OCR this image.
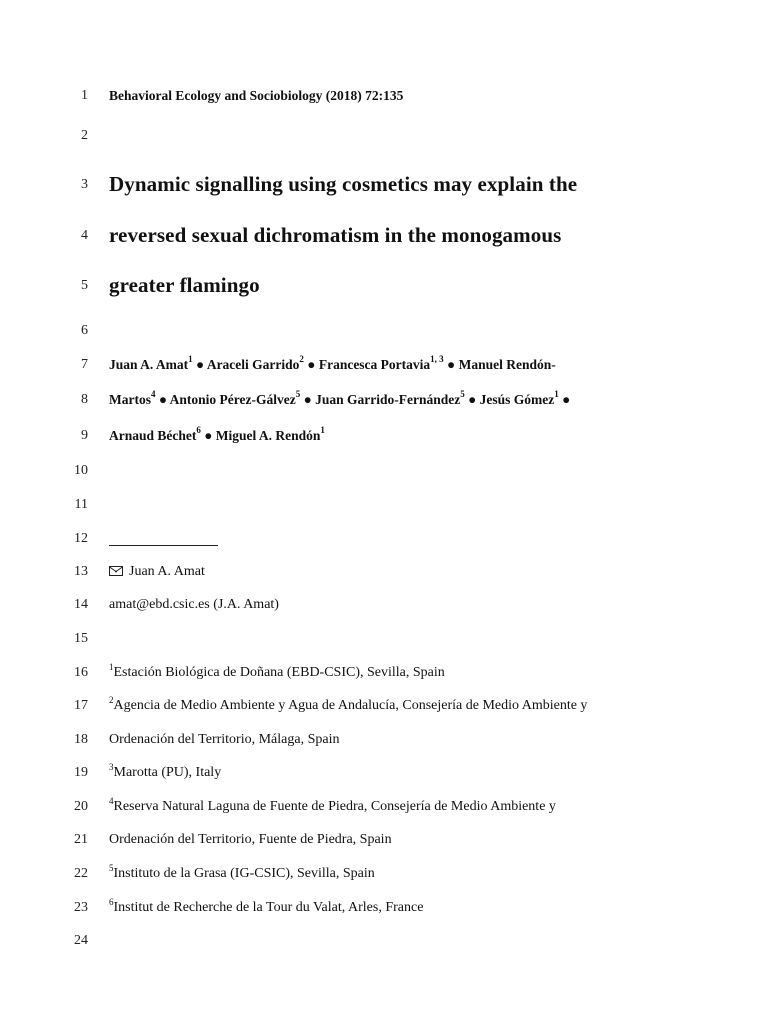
1
2
3
4
5
6
7
8
9
10
11
12
13
14
15
16
17
18
19
20
21
22
23
24
Behavioral Ecology and Sociobiology (2018) 72:135
Dynamic signalling using cosmetics may explain the
reversed sexual dichromatism in the monogamous
greater flamingo
Juan A. Amat$^1$ ● Araceli Garrido$^2$ ● Francesca Portavia$^{1, 3}$ ● Manuel Rendón-
Martos$^4$ ● Antonio Pérez-Gálvez$^5$ ● Juan Garrido-Fernández$^5$ ● Jesús Gómez$^1$ ●
Arnaud Béchet$^6$ ● Miguel A. Rendón$^1$
Juan A. Amat
amat@ebd.csic.es (J.A. Amat)
$^1$Estación Biológica de Doñana (EBD-CSIC), Sevilla, Spain
$^2$Agencia de Medio Ambiente y Agua de Andalucía, Consejería de Medio Ambiente y
Ordenación del Territorio, Málaga, Spain
$^3$Marotta (PU), Italy
$^4$Reserva Natural Laguna de Fuente de Piedra, Consejería de Medio Ambiente y
Ordenación del Territorio, Fuente de Piedra, Spain
$^5$Instituto de la Grasa (IG-CSIC), Sevilla, Spain
$^6$Institut de Recherche de la Tour du Valat, Arles, France
